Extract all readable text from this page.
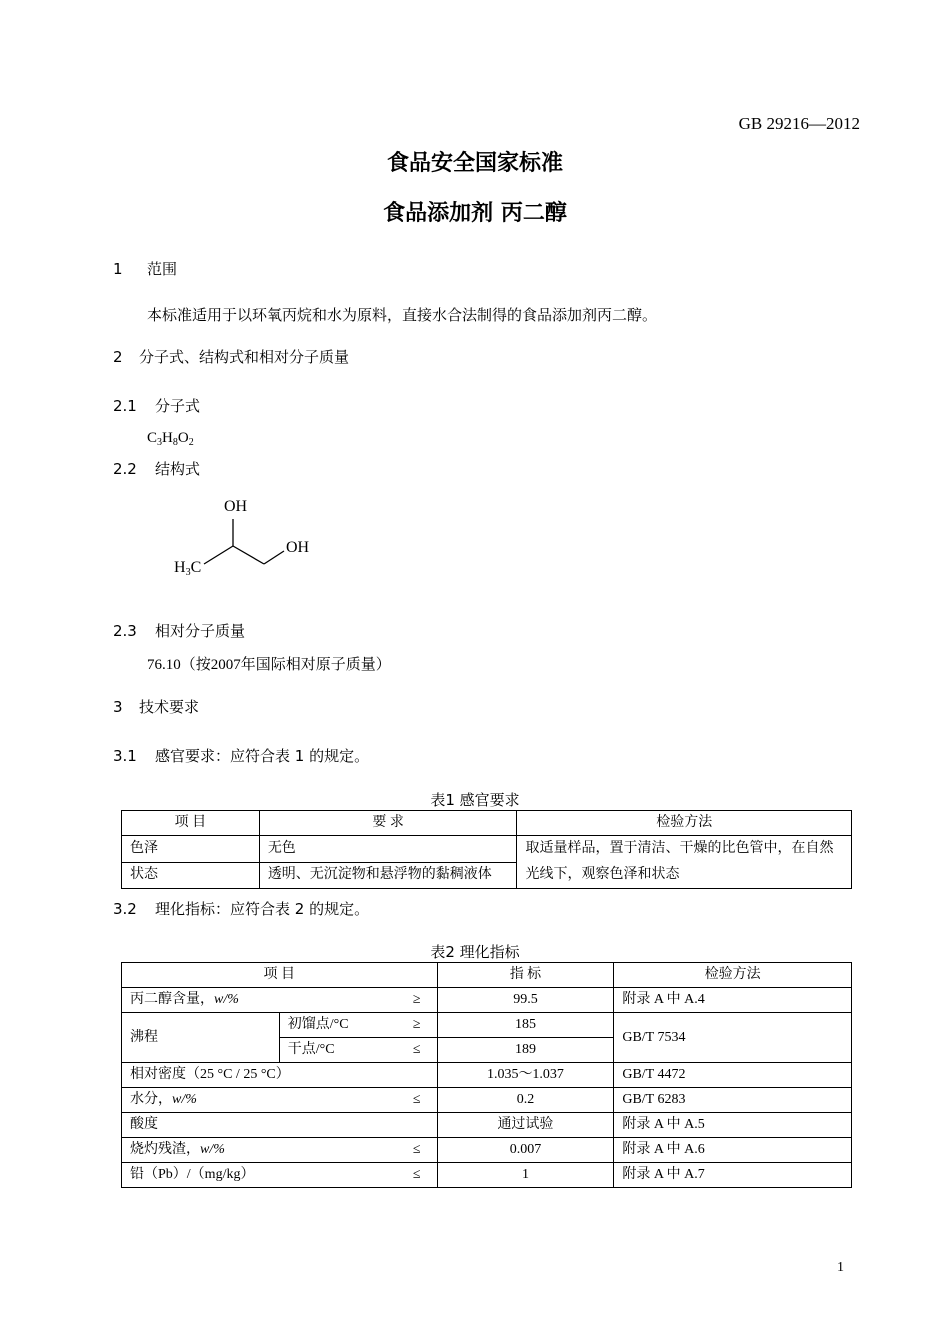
GB 29216—2012
食品安全国家标准
食品添加剂 丙二醇
1 范围
本标准适用于以环氧丙烷和水为原料，直接水合法制得的食品添加剂丙二醇。
2 分子式、结构式和相对分子质量
2.1 分子式
$C_3H_8O_2$
2.2 结构式
OH
OH
$H_3C$
2.3 相对分子质量
76.10（按2007年国际相对原子质量）
3 技术要求
3.1 感官要求：应符合表 1 的规定。
表1 感官要求
项 目	要 求	检验方法
色泽	无色	取适量样品，置于清洁、干燥的比色管中，在自然
光线下，观察色泽和状态
状态	透明、无沉淀物和悬浮物的黏稠液体	
3.2 理化指标：应符合表 2 的规定。
表2 理化指标
项 目		指 标	检验方法
丙二醇含量，w/% ≥		99.5	附录 A 中 A.4
沸程	初馏点/°C ≥	185	GB/T 7534
	干点/°C ≤	189	
相对密度（25 °C / 25 °C）		1.035～1.037	GB/T 4472
水分，w/% ≤		0.2	GB/T 6283
酸度		通过试验	附录 A 中 A.5
烧灼残渣，w/% ≤		0.007	附录 A 中 A.6
铅（Pb）/（mg/kg） ≤		1	附录 A 中 A.7
1
